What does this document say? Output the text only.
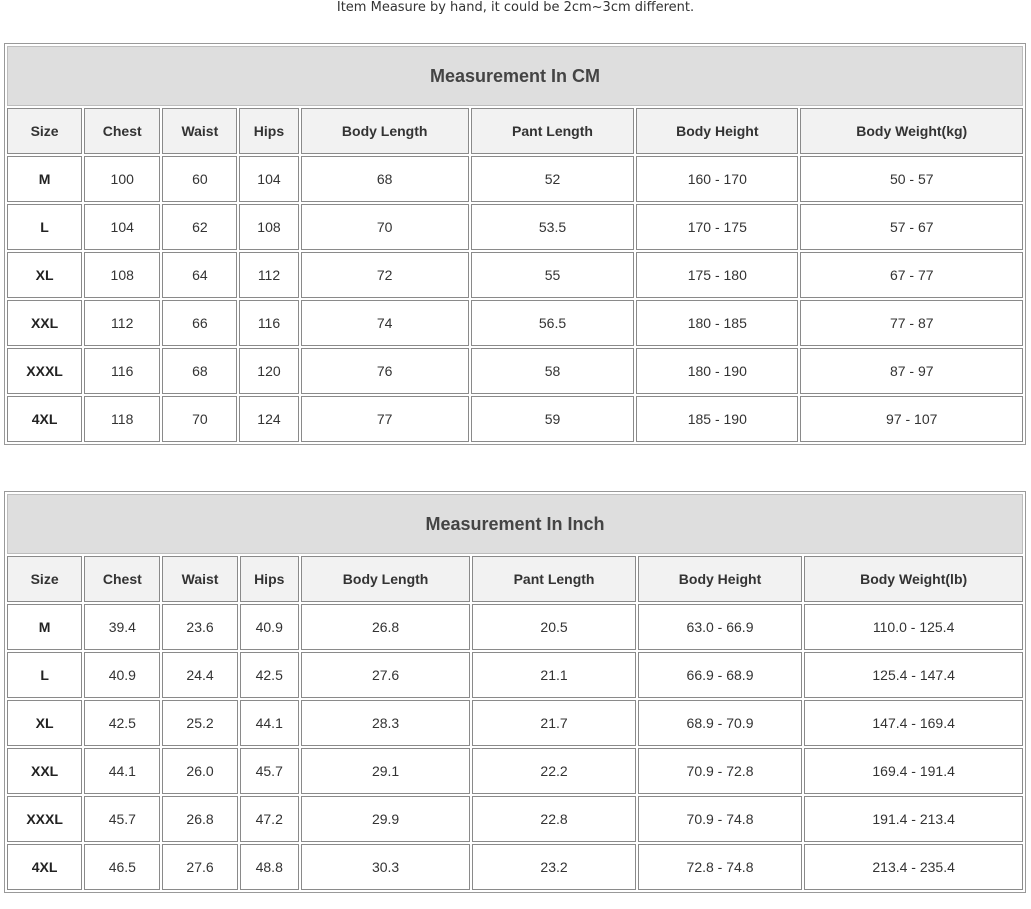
Item Measure by hand, it could be 2cm~3cm different.
Measurement In CM							
Size	Chest	Waist	Hips	Body Length	Pant Length	Body Height	Body Weight(kg)
M	100	60	104	68	52	160 - 170	50 - 57
L	104	62	108	70	53.5	170 - 175	57 - 67
XL	108	64	112	72	55	175 - 180	67 - 77
XXL	112	66	116	74	56.5	180 - 185	77 - 87
XXXL	116	68	120	76	58	180 - 190	87 - 97
4XL	118	70	124	77	59	185 - 190	97 - 107
Measurement In Inch							
Size	Chest	Waist	Hips	Body Length	Pant Length	Body Height	Body Weight(lb)
M	39.4	23.6	40.9	26.8	20.5	63.0 - 66.9	110.0 - 125.4
L	40.9	24.4	42.5	27.6	21.1	66.9 - 68.9	125.4 - 147.4
XL	42.5	25.2	44.1	28.3	21.7	68.9 - 70.9	147.4 - 169.4
XXL	44.1	26.0	45.7	29.1	22.2	70.9 - 72.8	169.4 - 191.4
XXXL	45.7	26.8	47.2	29.9	22.8	70.9 - 74.8	191.4 - 213.4
4XL	46.5	27.6	48.8	30.3	23.2	72.8 - 74.8	213.4 - 235.4
